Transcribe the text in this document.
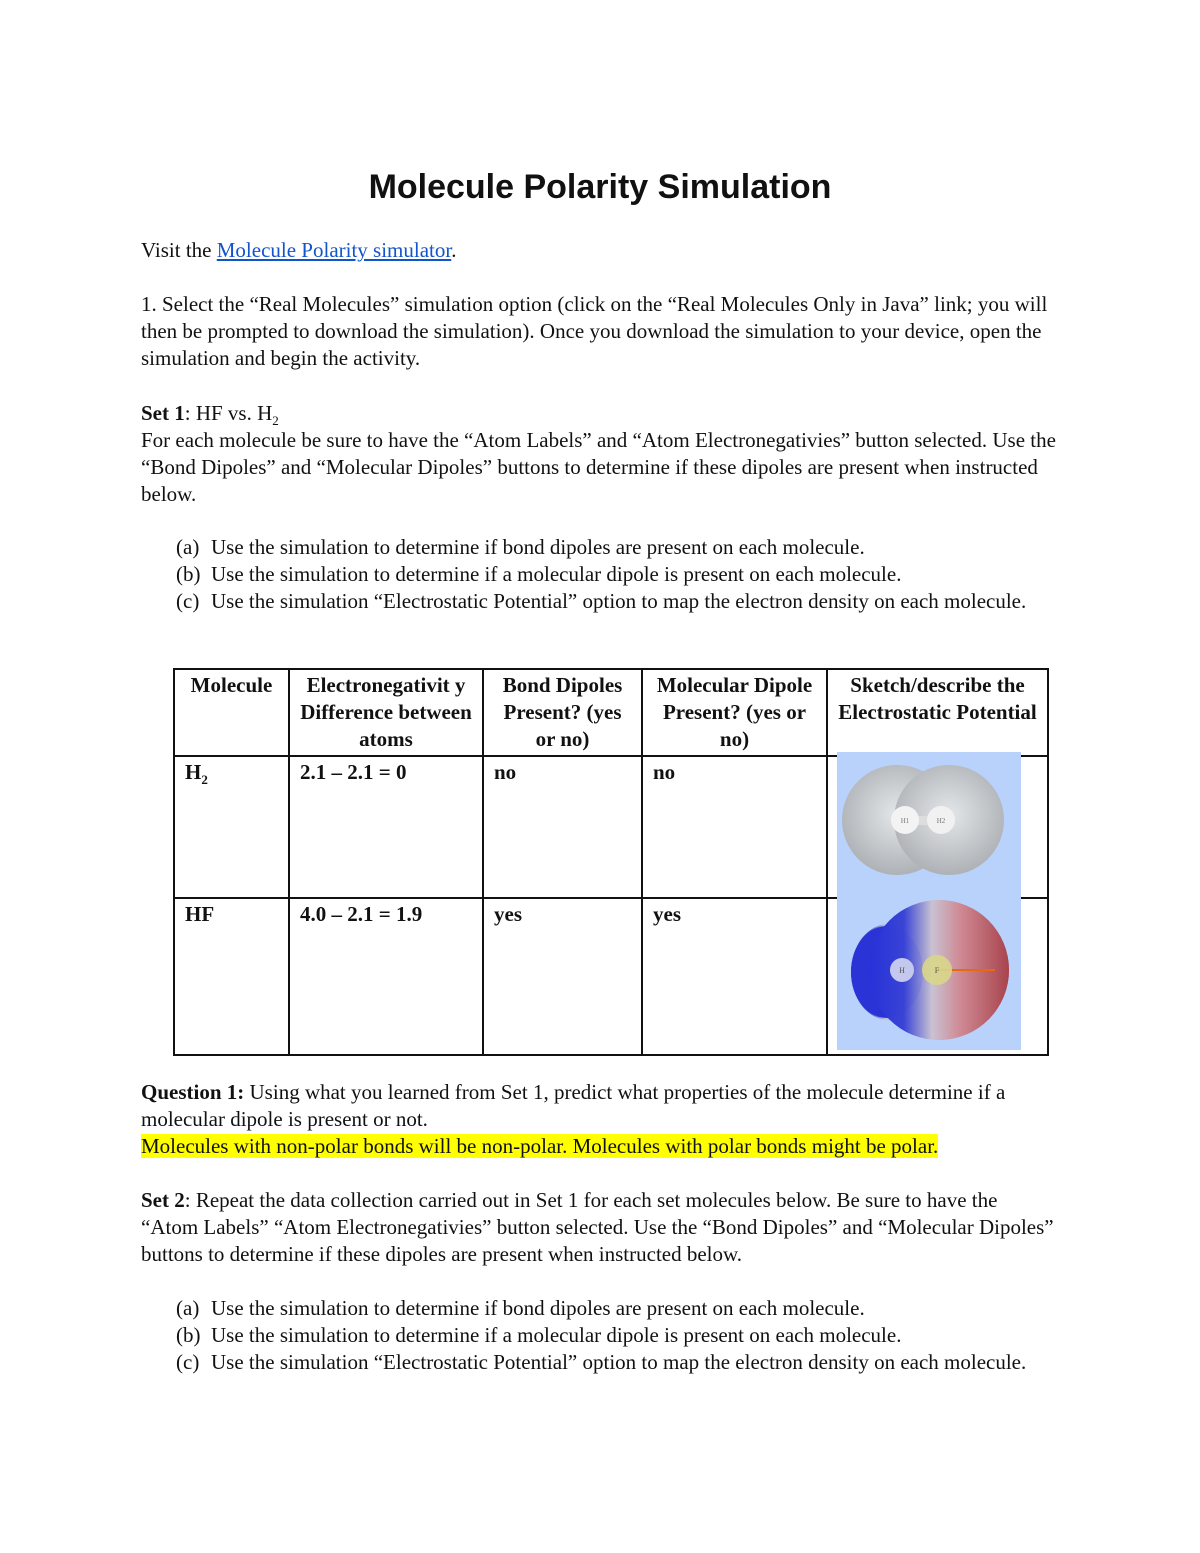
Molecule Polarity Simulation
Visit the Molecule Polarity simulator.
1. Select the “Real Molecules” simulation option (click on the “Real Molecules Only in Java” link; you will then be prompted to download the simulation). Once you download the simulation to your device, open the simulation and begin the activity.
Set 1: HF vs. $H_2$
For each molecule be sure to have the “Atom Labels” and “Atom Electronegativies” button selected. Use the “Bond Dipoles” and “Molecular Dipoles” buttons to determine if these dipoles are present when instructed below.
(a) Use the simulation to determine if bond dipoles are present on each molecule.
(b) Use the simulation to determine if a molecular dipole is present on each molecule.
(c) Use the simulation “Electrostatic Potential” option to map the electron density on each molecule.
Molecule	Electronegativit y Difference between atoms	Bond Dipoles Present? (yes or no)	Molecular Dipole Present? (yes or no)	Sketch/describe the Electrostatic Potential
$H_2$	2.1 – 2.1 = 0	no	no	
HF	4.0 – 2.1 = 1.9	yes	yes	
H1	H2
H	F
Question 1: Using what you learned from Set 1, predict what properties of the molecule determine if a molecular dipole is present or not.
Molecules with non-polar bonds will be non-polar. Molecules with polar bonds might be polar.
Set 2: Repeat the data collection carried out in Set 1 for each set molecules below. Be sure to have the “Atom Labels” “Atom Electronegativies” button selected. Use the “Bond Dipoles” and “Molecular Dipoles” buttons to determine if these dipoles are present when instructed below.
(a) Use the simulation to determine if bond dipoles are present on each molecule.
(b) Use the simulation to determine if a molecular dipole is present on each molecule.
(c) Use the simulation “Electrostatic Potential” option to map the electron density on each molecule.
